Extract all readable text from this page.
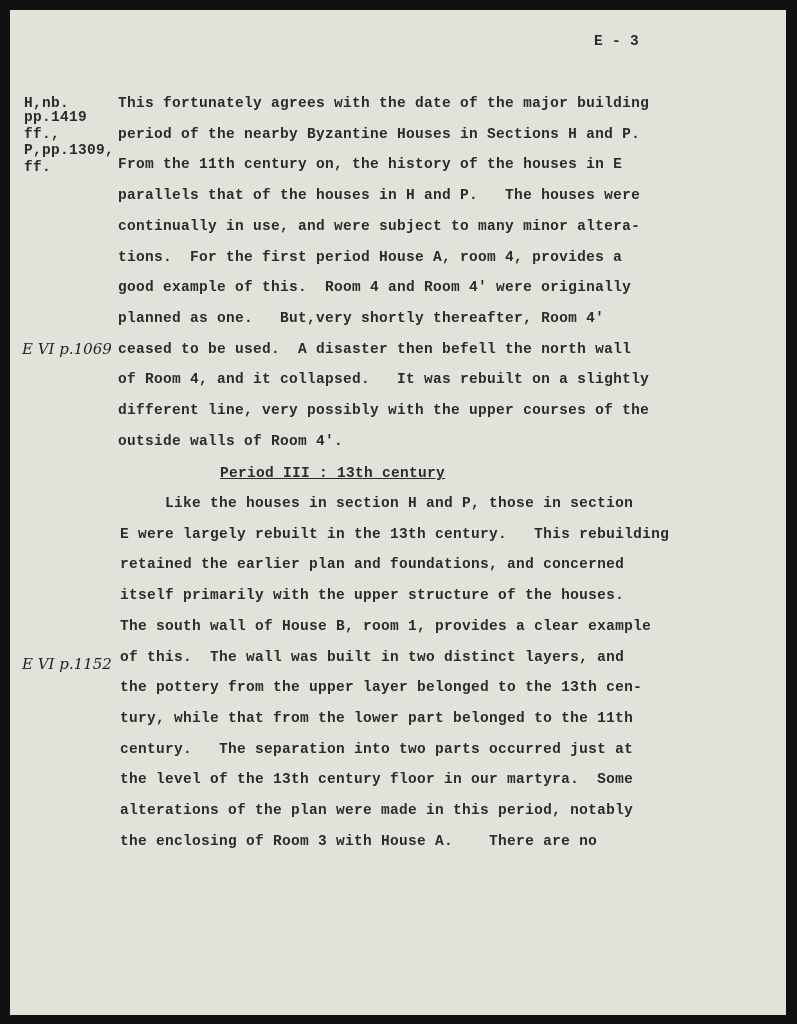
E - 3
H,nb.
pp.1419
ff.,
P,pp.1309,
ff.
E VI p.1069
E VI p.1152
This fortunately agrees with the date of the major building
period of the nearby Byzantine Houses in Sections H and P.
From the 11th century on, the history of the houses in E
parallels that of the houses in H and P.   The houses were
continually in use, and were subject to many minor altera-
tions.  For the first period House A, room 4, provides a
good example of this.  Room 4 and Room 4' were originally
planned as one.   But,very shortly thereafter, Room 4'
ceased to be used.  A disaster then befell the north wall
of Room 4, and it collapsed.   It was rebuilt on a slightly
different line, very possibly with the upper courses of the
outside walls of Room 4'.
Period III : 13th century
Like the houses in section H and P, those in section
E were largely rebuilt in the 13th century.   This rebuilding
retained the earlier plan and foundations, and concerned
itself primarily with the upper structure of the houses.
The south wall of House B, room 1, provides a clear example
of this.  The wall was built in two distinct layers, and
the pottery from the upper layer belonged to the 13th cen-
tury, while that from the lower part belonged to the 11th
century.   The separation into two parts occurred just at
the level of the 13th century floor in our martyra.  Some
alterations of the plan were made in this period, notably
the enclosing of Room 3 with House A.    There are no
